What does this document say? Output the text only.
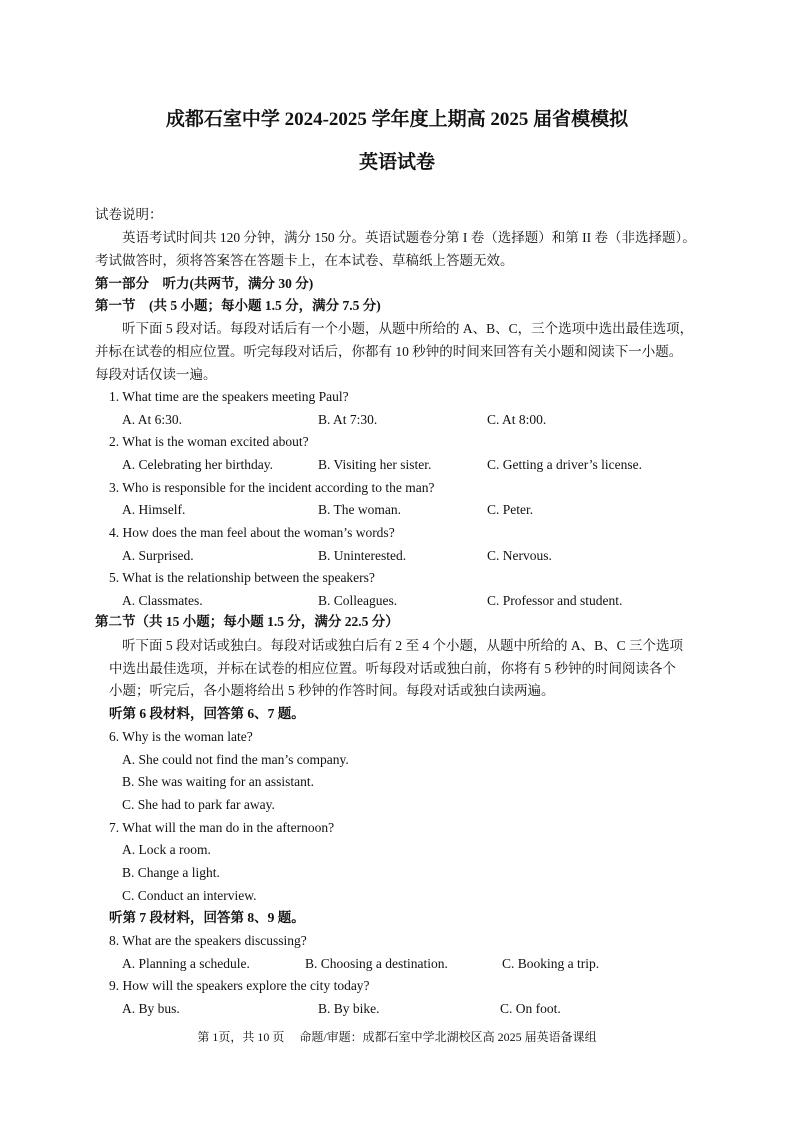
成都石室中学 2024-2025 学年度上期高 2025 届省模模拟
英语试卷
试卷说明：
英语考试时间共 120 分钟，满分 150 分。英语试题卷分第 I 卷（选择题）和第 II 卷（非选择题）。
考试做答时，须将答案答在答题卡上，在本试卷、草稿纸上答题无效。
第一部分　听力(共两节，满分 30 分)
第一节　(共 5 小题；每小题 1.5 分，满分 7.5 分)
听下面 5 段对话。每段对话后有一个小题，从题中所给的 A、B、C，三个选项中选出最佳选项，
并标在试卷的相应位置。听完每段对话后，你都有 10 秒钟的时间来回答有关小题和阅读下一小题。
每段对话仅读一遍。
1. What time are the speakers meeting Paul?
A. At 6:30.	B. At 7:30.	C. At 8:00.
2. What is the woman excited about?
A. Celebrating her birthday.	B. Visiting her sister.	C. Getting a driver’s license.
3. Who is responsible for the incident according to the man?
A. Himself.	B. The woman.	C. Peter.
4. How does the man feel about the woman’s words?
A. Surprised.	B. Uninterested.	C. Nervous.
5. What is the relationship between the speakers?
A. Classmates.	B. Colleagues.	C. Professor and student.
第二节（共 15 小题；每小题 1.5 分，满分 22.5 分）
听下面 5 段对话或独白。每段对话或独白后有 2 至 4 个小题，从题中所给的 A、B、C 三个选项
中选出最佳选项，并标在试卷的相应位置。听每段对话或独白前，你将有 5 秒钟的时间阅读各个
小题；听完后，各小题将给出 5 秒钟的作答时间。每段对话或独白读两遍。
听第 6 段材料，回答第 6、7 题。
6. Why is the woman late?
A. She could not find the man’s company.
B. She was waiting for an assistant.
C. She had to park far away.
7. What will the man do in the afternoon?
A. Lock a room.
B. Change a light.
C. Conduct an interview.
听第 7 段材料，回答第 8、9 题。
8. What are the speakers discussing?
A. Planning a schedule.	B. Choosing a destination.	C. Booking a trip.
9. How will the speakers explore the city today?
A. By bus.	B. By bike.	C. On foot.
第 1页，共 10 页　 命题/审题：成都石室中学北湖校区高 2025 届英语备课组
